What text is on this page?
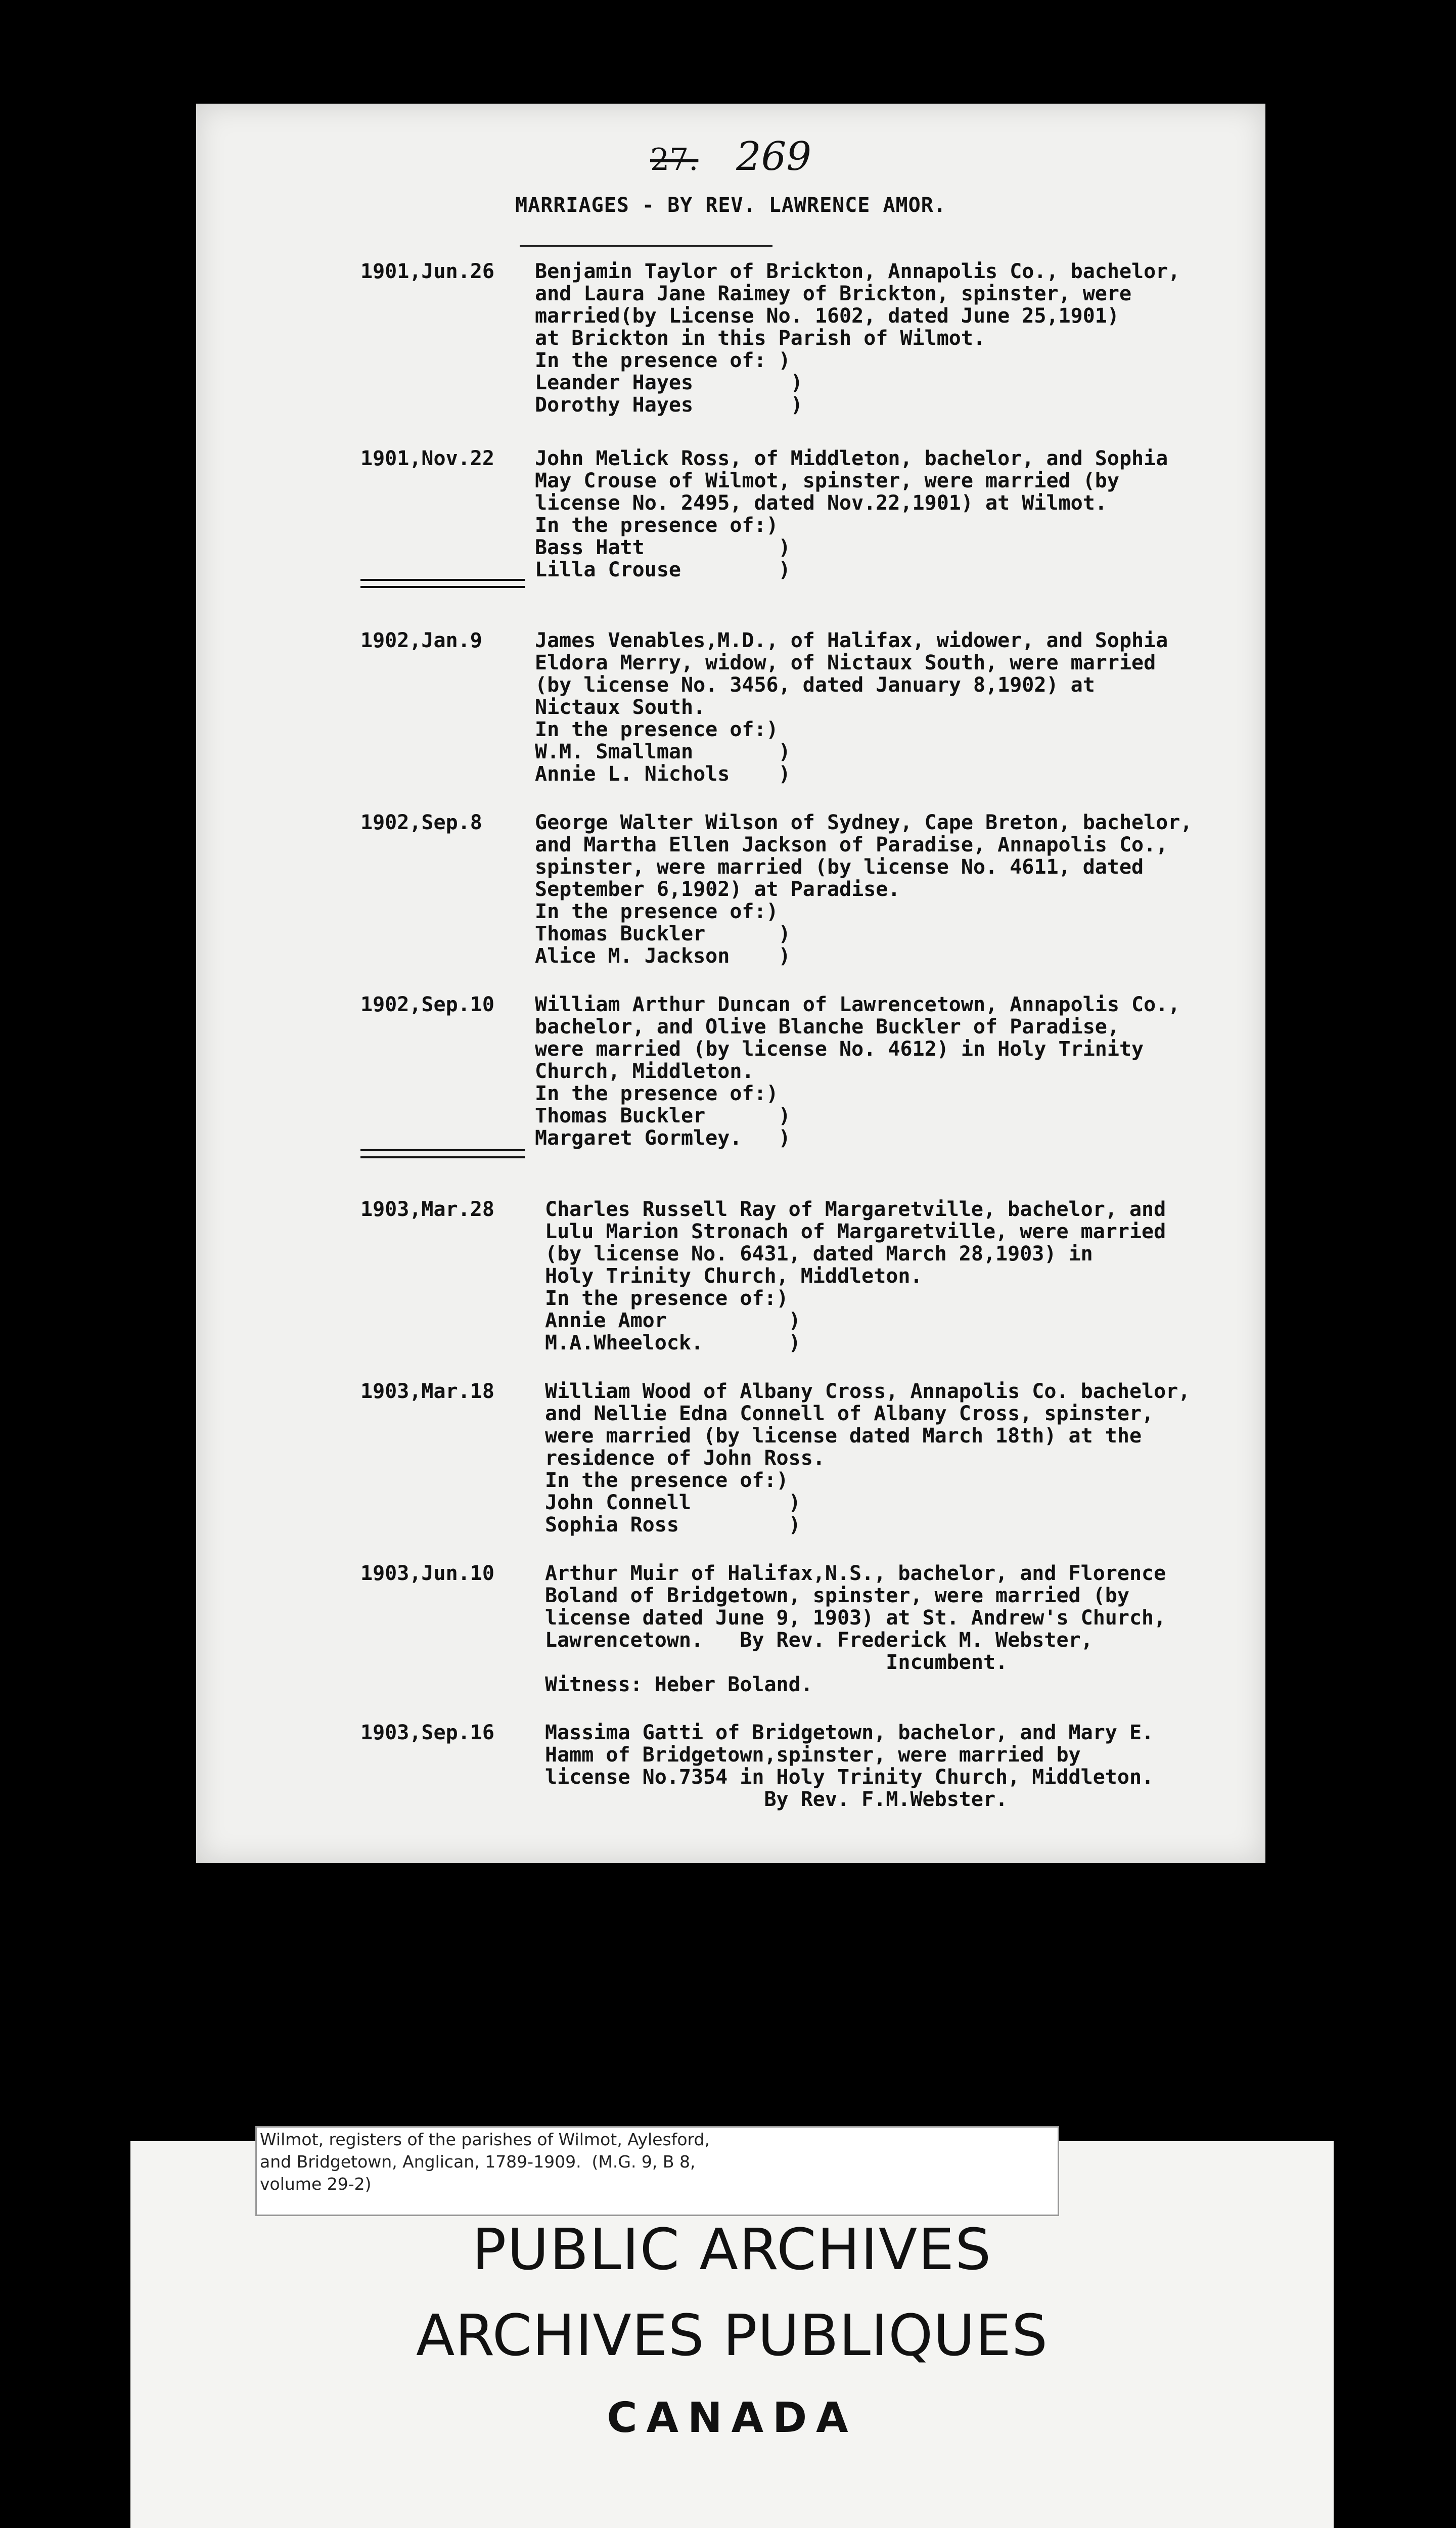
27. 269
MARRIAGES - BY REV. LAWRENCE AMOR.
1901,Jun.26	Benjamin Taylor of Brickton, Annapolis Co., bachelor,
and Laura Jane Raimey of Brickton, spinster, were
married(by License No. 1602, dated June 25,1901)
at Brickton in this Parish of Wilmot.
In the presence of: )
Leander Hayes        )
Dorothy Hayes        )
1901,Nov.22	John Melick Ross, of Middleton, bachelor, and Sophia
May Crouse of Wilmot, spinster, were married (by
license No. 2495, dated Nov.22,1901) at Wilmot.
In the presence of:)
Bass Hatt           )
Lilla Crouse        )
1902,Jan.9	James Venables,M.D., of Halifax, widower, and Sophia
Eldora Merry, widow, of Nictaux South, were married
(by license No. 3456, dated January 8,1902) at
Nictaux South.
In the presence of:)
W.M. Smallman       )
Annie L. Nichols    )
1902,Sep.8	George Walter Wilson of Sydney, Cape Breton, bachelor,
and Martha Ellen Jackson of Paradise, Annapolis Co.,
spinster, were married (by license No. 4611, dated
September 6,1902) at Paradise.
In the presence of:)
Thomas Buckler      )
Alice M. Jackson    )
1902,Sep.10	William Arthur Duncan of Lawrencetown, Annapolis Co.,
bachelor, and Olive Blanche Buckler of Paradise,
were married (by license No. 4612) in Holy Trinity
Church, Middleton.
In the presence of:)
Thomas Buckler      )
Margaret Gormley.   )
1903,Mar.28	Charles Russell Ray of Margaretville, bachelor, and
Lulu Marion Stronach of Margaretville, were married
(by license No. 6431, dated March 28,1903) in
Holy Trinity Church, Middleton.
In the presence of:)
Annie Amor          )
M.A.Wheelock.       )
1903,Mar.18	William Wood of Albany Cross, Annapolis Co. bachelor,
and Nellie Edna Connell of Albany Cross, spinster,
were married (by license dated March 18th) at the
residence of John Ross.
In the presence of:)
John Connell        )
Sophia Ross         )
1903,Jun.10	Arthur Muir of Halifax,N.S., bachelor, and Florence
Boland of Bridgetown, spinster, were married (by
license dated June 9, 1903) at St. Andrew's Church,
Lawrencetown.   By Rev. Frederick M. Webster,
Incumbent.
Witness: Heber Boland.
1903,Sep.16	Massima Gatti of Bridgetown, bachelor, and Mary E.
Hamm of Bridgetown,spinster, were married by
license No.7354 in Holy Trinity Church, Middleton.
By Rev. F.M.Webster.
Wilmot, registers of the parishes of Wilmot, Aylesford,
and Bridgetown, Anglican, 1789-1909.  (M.G. 9, B 8,
volume 29-2)
PUBLIC ARCHIVES
ARCHIVES PUBLIQUES
CANADA
